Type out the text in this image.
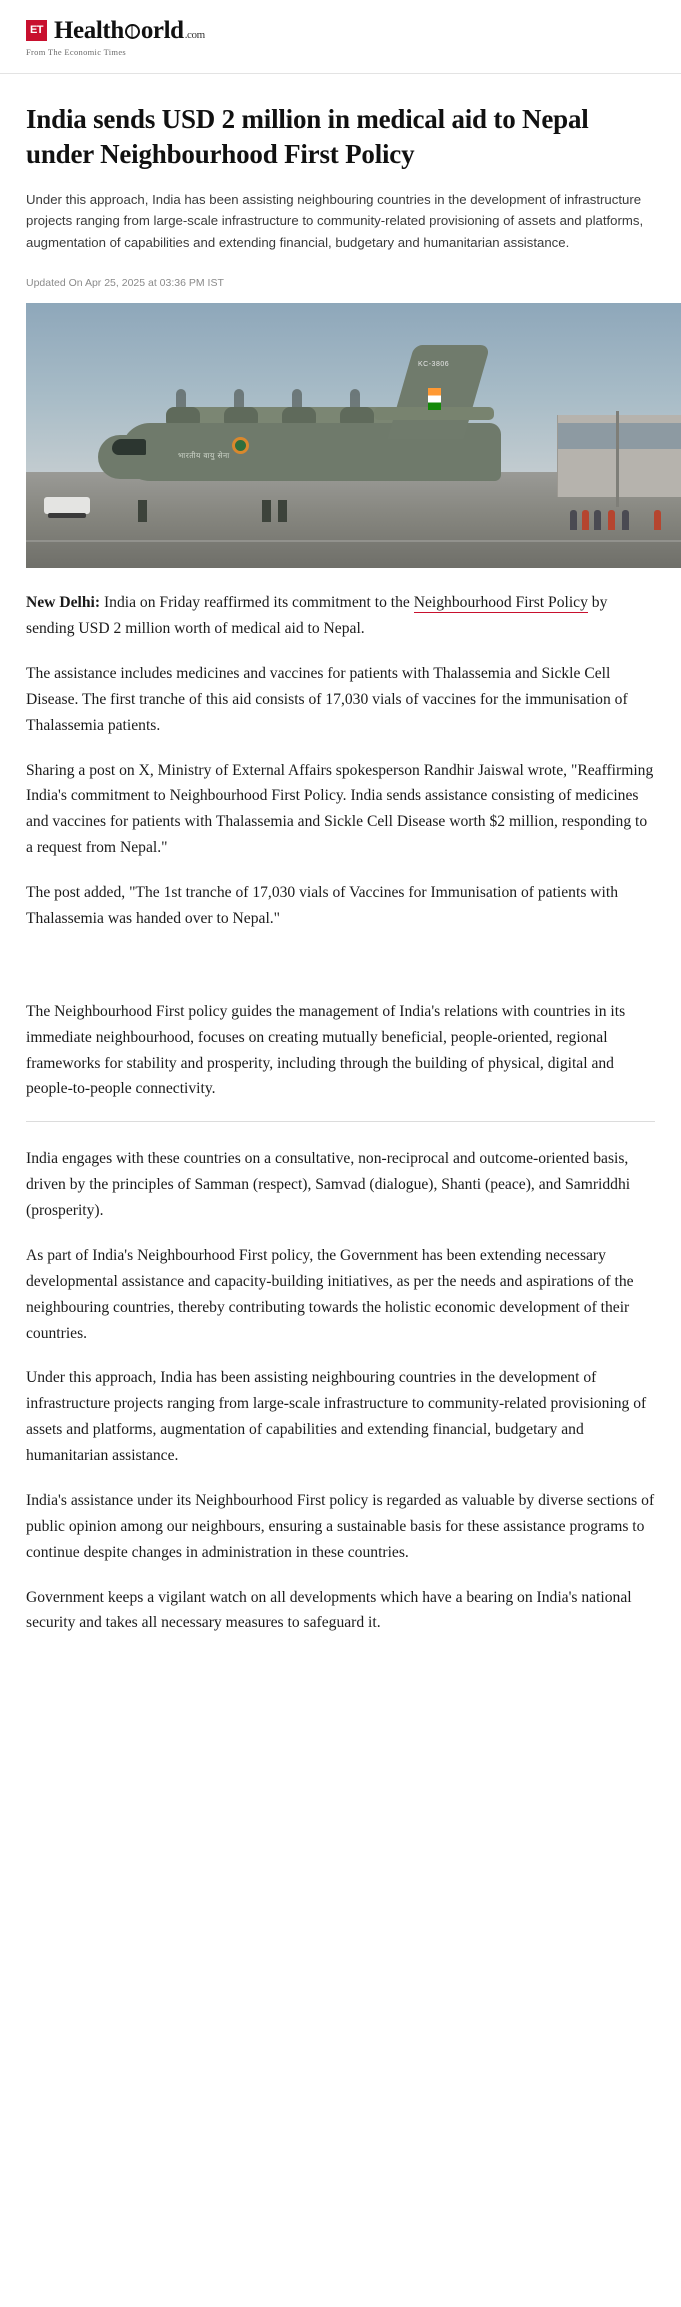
ET Health orld .com
From The Economic Times
India sends USD 2 million in medical aid to Nepal under Neighbourhood First Policy

Under this approach, India has been assisting neighbouring countries in the development of infrastructure projects ranging from large-scale infrastructure to community-related provisioning of assets and platforms, augmentation of capabilities and extending financial, budgetary and humanitarian assistance.

Updated On Apr 25, 2025 at 03:36 PM IST
KC-3806
भारतीय वायु सेना

New Delhi: India on Friday reaffirmed its commitment to the Neighbourhood First Policy by sending USD 2 million worth of medical aid to Nepal.

The assistance includes medicines and vaccines for patients with Thalassemia and Sickle Cell Disease. The first tranche of this aid consists of 17,030 vials of vaccines for the immunisation of Thalassemia patients.

Sharing a post on X, Ministry of External Affairs spokesperson Randhir Jaiswal wrote, "Reaffirming India's commitment to Neighbourhood First Policy. India sends assistance consisting of medicines and vaccines for patients with Thalassemia and Sickle Cell Disease worth $2 million, responding to a request from Nepal."

The post added, "The 1st tranche of 17,030 vials of Vaccines for Immunisation of patients with Thalassemia was handed over to Nepal."

The Neighbourhood First policy guides the management of India's relations with countries in its immediate neighbourhood, focuses on creating mutually beneficial, people-oriented, regional frameworks for stability and prosperity, including through the building of physical, digital and people-to-people connectivity.

India engages with these countries on a consultative, non-reciprocal and outcome-oriented basis, driven by the principles of Samman (respect), Samvad (dialogue), Shanti (peace), and Samriddhi (prosperity).

As part of India's Neighbourhood First policy, the Government has been extending necessary developmental assistance and capacity-building initiatives, as per the needs and aspirations of the neighbouring countries, thereby contributing towards the holistic economic development of their countries.

Under this approach, India has been assisting neighbouring countries in the development of infrastructure projects ranging from large-scale infrastructure to community-related provisioning of assets and platforms, augmentation of capabilities and extending financial, budgetary and humanitarian assistance.

India's assistance under its Neighbourhood First policy is regarded as valuable by diverse sections of public opinion among our neighbours, ensuring a sustainable basis for these assistance programs to continue despite changes in administration in these countries.

Government keeps a vigilant watch on all developments which have a bearing on India's national security and takes all necessary measures to safeguard it.
